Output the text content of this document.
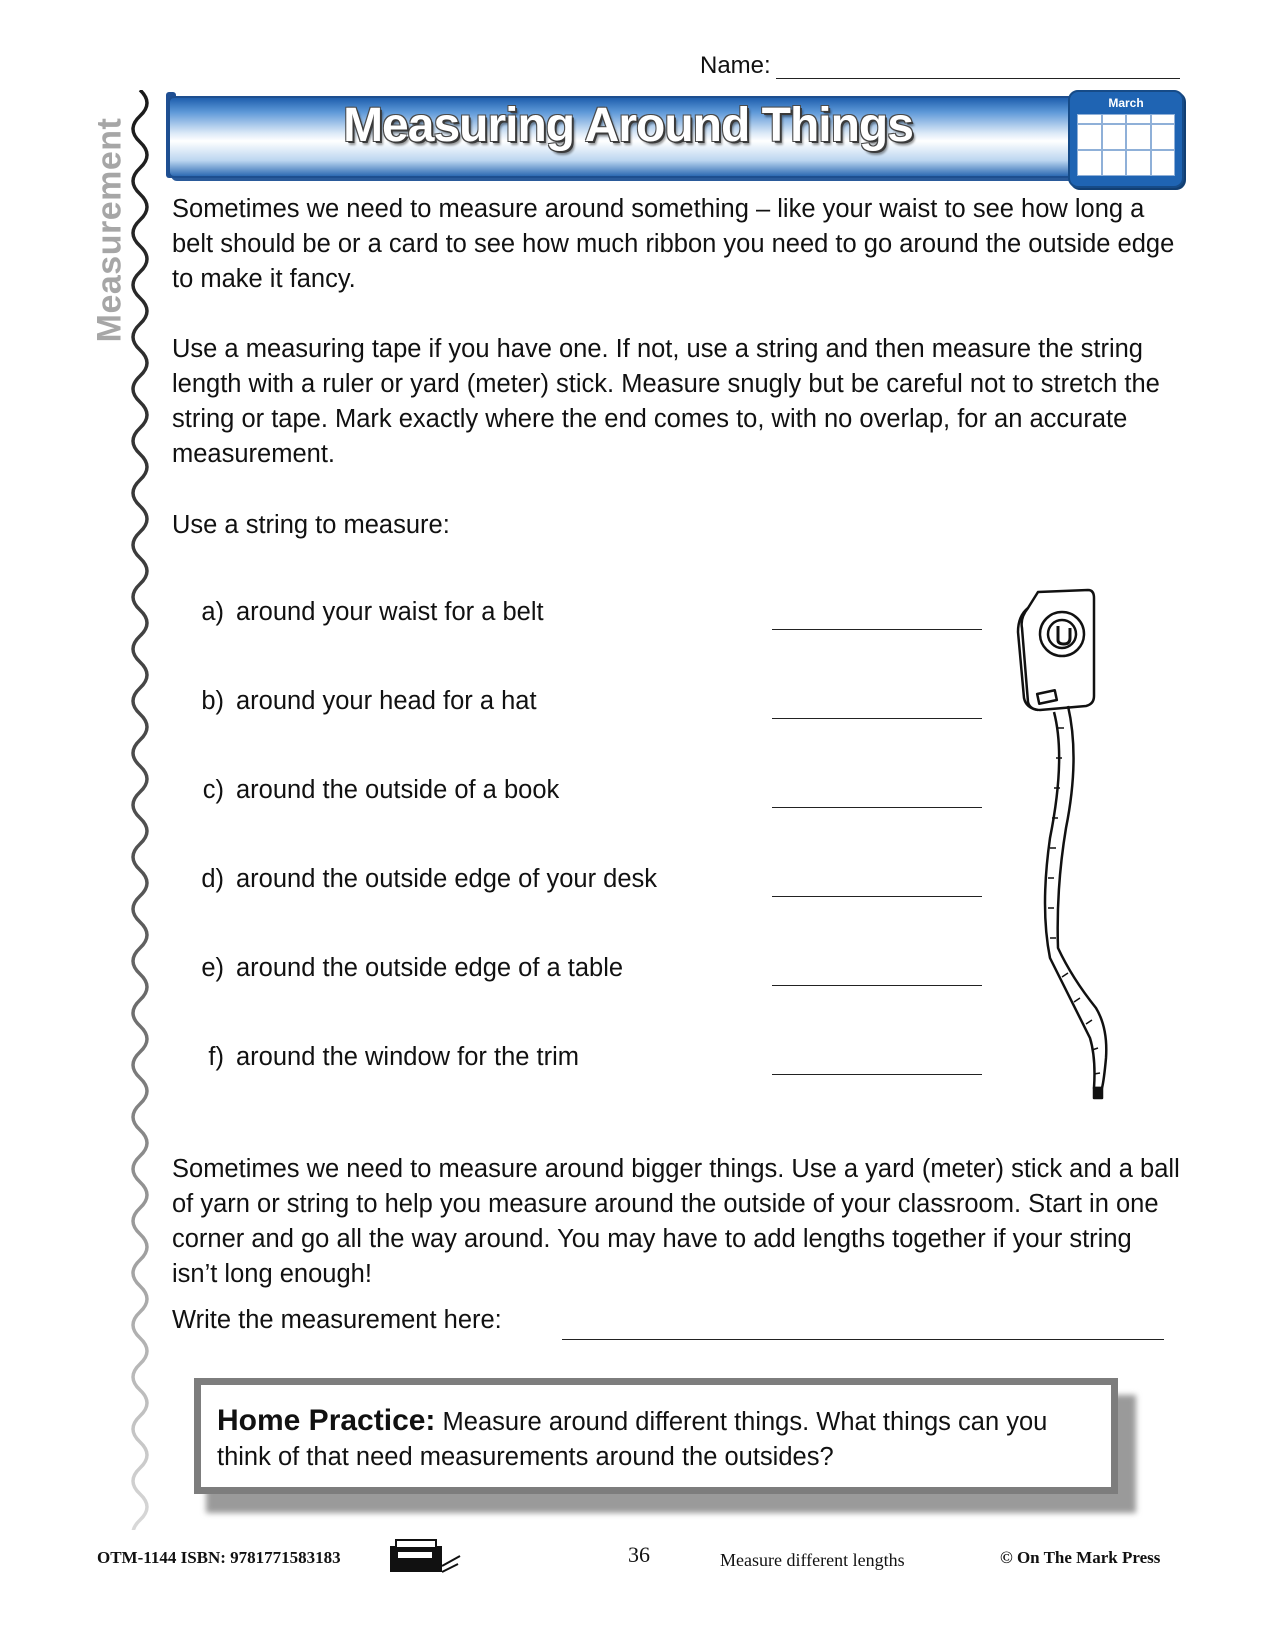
Measurement
Name:
Measuring Around Things	March
Sometimes we need to measure around something – like your waist to see how long a belt should be or a card to see how much ribbon you need to go around the outside edge to make it fancy.
Use a measuring tape if you have one. If not, use a string and then measure the string length with a ruler or yard (meter) stick. Measure snugly but be careful not to stretch the string or tape. Mark exactly where the end comes to, with no overlap, for an accurate measurement.
Use a string to measure:
a) around your waist for a belt
b) around your head for a hat
c) around the outside of a book
d) around the outside edge of your desk
e) around the outside edge of a table
f) around the window for the trim
Sometimes we need to measure around bigger things. Use a yard (meter) stick and a ball of yarn or string to help you measure around the outside of your classroom. Start in one corner and go all the way around. You may have to add lengths together if your string isn’t long enough!
Write the measurement here:
Home Practice: Measure around different things. What things can you think of that need measurements around the outsides?
OTM-1144 ISBN: 9781771583183	36	Measure different lengths	© On The Mark Press
